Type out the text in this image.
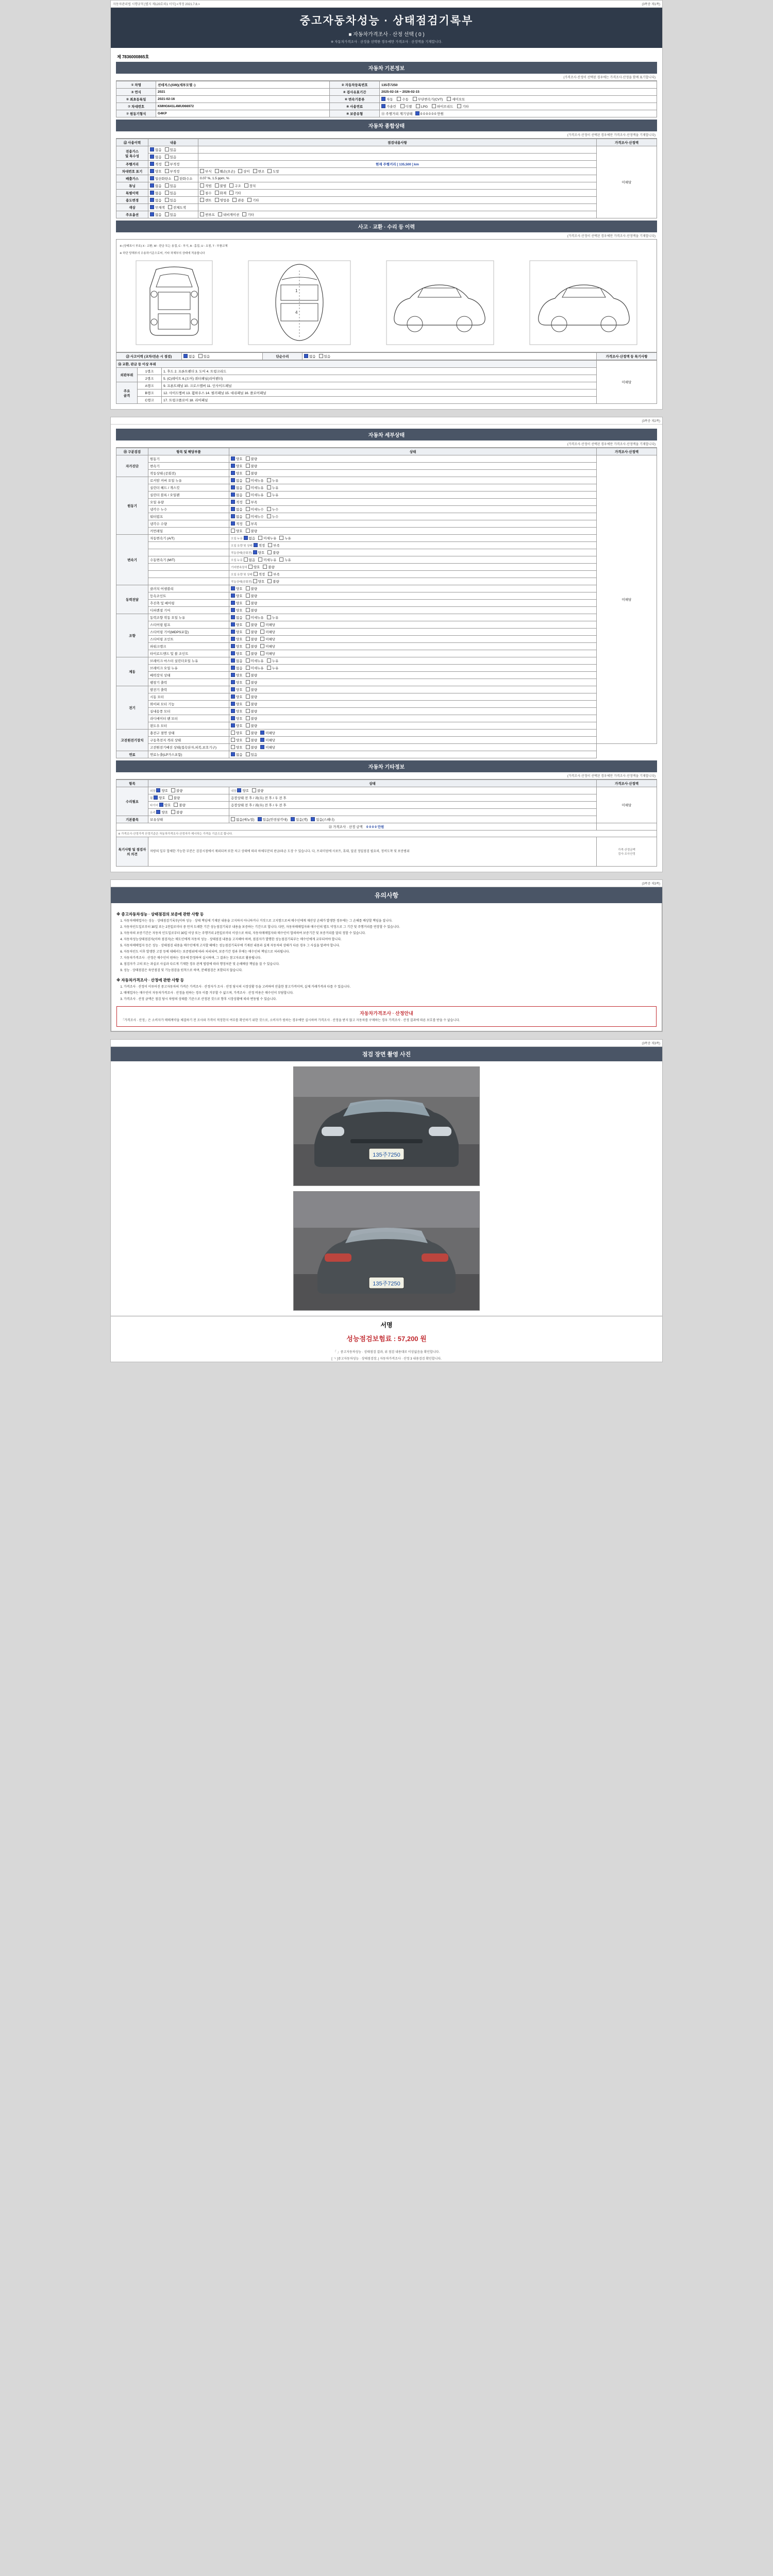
자동차관리법 시행규칙 [별지 제120호의1 서식] <개정 2021.7.8.>	(3쪽중 제1쪽)
중고자동차성능 · 상태점검기록부
■ 자동차가격조사 · 산정 선택 ( 0 )
※ 자동차가격조사 · 산정을 선택한 경우에만 가격조사 · 산정액을 기재합니다.
제 7836000865호
자동차 기본정보
(가격조사·산정이 선택된 경우에는 가격조사·산정을 함께 표기합니다)
① 차명	션데저스(SW)(세부모델 -)	② 자동차등록번호	135주7250
③ 연식	2021	④ 검사유효기간	2025-02-16 ~ 2026-02-15
⑤ 최초등록일	2021-02-16	⑥ 변속기종류	자동 수동 무단변속기(CVT) 세미오토
⑦ 차대번호	KMHG641L4MU066972	⑧ 사용연료	가솔린 디젤 LPG 하이브리드 기타
⑦ 원동기형식	G4KP	⑧ 보증유형	⑪ 주행거리 계기상태 0 0 0 0 0 0 만원
자동차 종합상태
(가격조사·산정이 선택된 경우에만 가격조사·산정액을 기재합니다)
⑫ 사용이력	내용	점검내용사항	가격조사·산정액
전용가스
및 특수성	없음 있음		미해당
	없음 있음		
주행거리	적정 부적정	현재 주행거리 [ 135,500 ] km	
차대번호 표기	양호 부적정	부식 훼손(오손) 상이 변조 도말	
배출가스	일산화탄소 탄화수소	0.07 %, 1.5 ppm, %	
튜닝	없음 있음	적법 불법 구조 장치	
특별이력	없음 있음	침수 화재 기타	
용도변경	없음 있음	렌트 영업용 관용 기타	
색상	무채색 전체도색		
주요옵션	없음 있음	썬루프 내비게이션 기타	
사고 · 교환 · 수리 등 이력
(가격조사·산정이 선택된 경우에만 가격조사·산정액을 기재합니다)
※ (상태표시 부호) X : 교환, W : 판금 또는 용접, C : 부식, A : 흠집, U : 요철, T : 부품교체
※ 하단 당해부의 수용하기준으로써, 기타 차체부의 상태에 적용합니다
1
4
⑬ 사고이력 (교차/전손 시 점검)	없음 있음	단순수리	없음 있음	가격조사·산정액 등 특기사항
⑭ 교환, 판금 등 이상 부위			미해당
외판부위	1랭크	1. 후드 2. 프론트펜더 3. 도어 4. 트렁크리드	
	2랭크	5. (C)레이트 6.(도어) 쿼터패널(리어펜더)	
주요
골격	A랭크	9. 프론트패널 10. 크로스멤버 11. 인사이드패널	
	B랭크	12. 사이드멤버 13. 휠하우스 14. 필러패널 15. 대쉬패널 16. 플로어패널	
	C랭크	17. 트렁크플로어 18. 리어패널	
(3쪽중 제2쪽)
자동차 세부상태
(가격조사·산정이 선택된 경우에만 가격조사·산정액을 기재합니다)
⑮ 구분검검	항목 및 해당부품	상태	가격조사·산정액
자가진단	원동기	양호 불량	미해당
	변속기	양호 불량	
	작동상태 (공회전)	양호 불량	
원동기	로커암 커버 오일 누유	없음 미세누유 누유	
	실린더 헤드 / 개스킷	없음 미세누유 누유	
	실린더 블록 / 오일팬	없음 미세누유 누유	
	오일 유량	적정 부족	
	냉각수 누수	없음 미세누수 누수	
	워터펌프	없음 미세누수 누수	
	냉각수 수량	적정 부족	
	커먼레일	양호 불량	
변속기	자동변속기 (A/T)	오일 누유 없음 미세누유 누유	
		오일 유량 및 상태 적정 부족	
		작동상태(공회전) 양호 불량	
	수동변속기 (M/T)	오일 누유 없음 미세누유 누유	
		기어변속장치 양호 불량	
		오일 유량 및 상태 적정 부족	
		작동상태(공회전) 양호 불량	
동력전달	클러치 어셈블리	양호 불량	
	등속조인트	양호 불량	
	추진축 및 베어링	양호 불량	
	디퍼렌셜 기어	양호 불량	
조향	동력조향 작동 오일 누유	없음 미세누유 누유	
	스티어링 펌프	양호 불량 미해당	
	스티어링 기어(MDPS포함)	양호 불량 미해당	
	스티어링 조인트	양호 불량 미해당	
	파워크랭크	양호 불량 미해당	
	타이로드엔드 및 볼 조인트	양호 불량 미해당	
제동	브레이크 마스터 실린더오일 누유	없음 미세누유 누유	
	브레이크 오일 누유	없음 미세누유 누유	
	배력장치 상태	양호 불량	
	팽창기 출력	양호 불량	
전기	발전기 출력	양호 불량	
	시동 모터	양호 불량	
	와이퍼 모터 기능	양호 불량	
	실내송풍 모터	양호 불량	
	라디에이터 팬 모터	양호 불량	
	윈도우 모터	양호 불량	
고전원전기장치	충전구 절연 상태	양호 불량 미해당	
	구동축전지 격리 상태	양호 불량 미해당	
	고전원전기배선 상태(접속단자,피복,보호기구)	양호 불량 미해당	
연료	연료누출(LP가스포함)	없음 있음	
자동차 기타정보
(가격조사·산정이 선택된 경우에만 가격조사·산정액을 기재합니다)
항목	상태		가격조사·산정액
수리필요	외장 양호 불량	내장 양호 불량	미해당
	휠 양호 불량	응장상태 전 후 / 좌(우) 전 후 / 우 전 후	
	타이어 양호 불량	응장상태 전 후 / 좌(우) 전 후 / 우 전 후	
	유리 양호 불량		
기본품목	보유상태	없음(매뉴얼) 있음(안전삼각대) 있음(잭) 있음(스패너)	
㉒ 가격조사 · 산정 금액 0 0 0 0 만원			
※ 가격조사·산정가격 산정기준은 자동차가격조사·산정자가 제시하는 가격을 기준으로 합니다.			
특기사항 및 점검자의 의견	차량의 일부 합체한 가능한 부분은 검검시점에서 제외되며 또한 차고 상태에 따라 하체부분의 판금/파손 도장 수 있습니다. 다, 프리미엄에 사포트, 휴대, 밀권 정밀점검 필요의, 정비도착 및 보증범위		가격·산정금액
검사·조사산정
(3쪽중 제3쪽)
유의사항
※ 중고자동차성능 · 상태점검의 보증에 관한 사항 등
1. 자동차매매업자는 성능 · 상태점검기록부(이하 성능 · 상태 책임에 기재된 내용을 고지하지 아니하거나 거짓으로 고지함으로써 매수인에게 재산상 손해가 발생한 경우에는 그 손해를 배상할 책임을 집니다.
2. 자동차인도일로부터 30일 또는 2천킬로미터 중 먼저 도래한 기간 성능점검기록부 내용을 보증하는 기간으로 합니다. 다만, 자동차매매업자와 매수인의 별도 약정으로 그 기간 및 주행거리를 연장할 수 있습니다.
3. 자동차의 보증기간은 자동차 인도일로부터 30일 이상 또는 주행거리 2천킬로미터 이상으로 하되, 자동차매매업자와 매수인이 합의하여 보증기간 및 보증거리를 달리 정할 수 있습니다.
4. 자동차성능상태점검자(이하 점검자)는 매도인에게 자동차 성능 · 상태점검 내용을 고지해야 하며, 점검자가 발행한 성능점검기록부는 매수인에게 교부되어야 합니다.
5. 자동차매매업자 등은 성능 · 상태점검 내용을 매수인에게 고지할 때에는 성능점검기록부에 기재된 내용과 실제 자동차의 상태가 다른 경우 그 사실을 알려야 합니다.
6. 자동차인도 이후 발생한 고장 등에 대해서는 보증범위에 따라 처리되며, 보증기간 경과 후에는 매수인의 책임으로 처리됩니다.
7. 자동차가격조사 · 산정은 매수인이 원하는 경우에 한정하여 실시하며, 그 결과는 참고자료로 활용됩니다.
8. 점검자가 고의 또는 과실로 사실과 다르게 기재한 경우 관계 법령에 따라 행정처분 및 손해배상 책임을 질 수 있습니다.
9. 성능 · 상태점검은 육안점검 및 기능점검을 원칙으로 하며, 분해점검은 포함되지 않습니다.
※ 자동차가격조사 · 산정에 관한 사항 등
1. 가격조사 · 산정이 이루어진 중고자동차의 가격은 가격조사 · 산정자가 조사 · 산정 당시의 시장상황 등을 고려하여 산출한 참고가격이며, 실제 거래가격과 다를 수 있습니다.
2. 매매업자는 매수인이 자동차가격조사 · 산정을 원하는 경우 이를 거부할 수 없으며, 가격조사 · 산정 비용은 매수인이 부담합니다.
3. 가격조사 · 산정 금액은 점검 당시 차량의 상태를 기준으로 산정된 것으로 향후 시장상황에 따라 변동될 수 있습니다.
자동차가격조사 · 산정안내
「가격조사 · 산정」은 소비자가 매매계약을 체결하기 전 조사와 가격이 적정한지 여부를 확인하기 위한 것으로, 소비자가 원하는 경우에만 실시하며 가격조사 · 산정을 받지 않고 자동차를 구매하는 경우 가격조사 · 산정 결과에 따른 보호를 받을 수 없습니다.
(3쪽중 제3쪽)
점검 장면 촬영 사진
135주7250
135주7250
서명
성능점검보험료 : 57,200 원
「 」중고자동차성능 · 상태점검 결과, 위 점검 내용대로 이상없음을 확인합니다.
[ ㄱ ]중고자동차성능 · 상태점검장, | 자동차가격조사 · 산정 3 내용검검 확인합니다.
